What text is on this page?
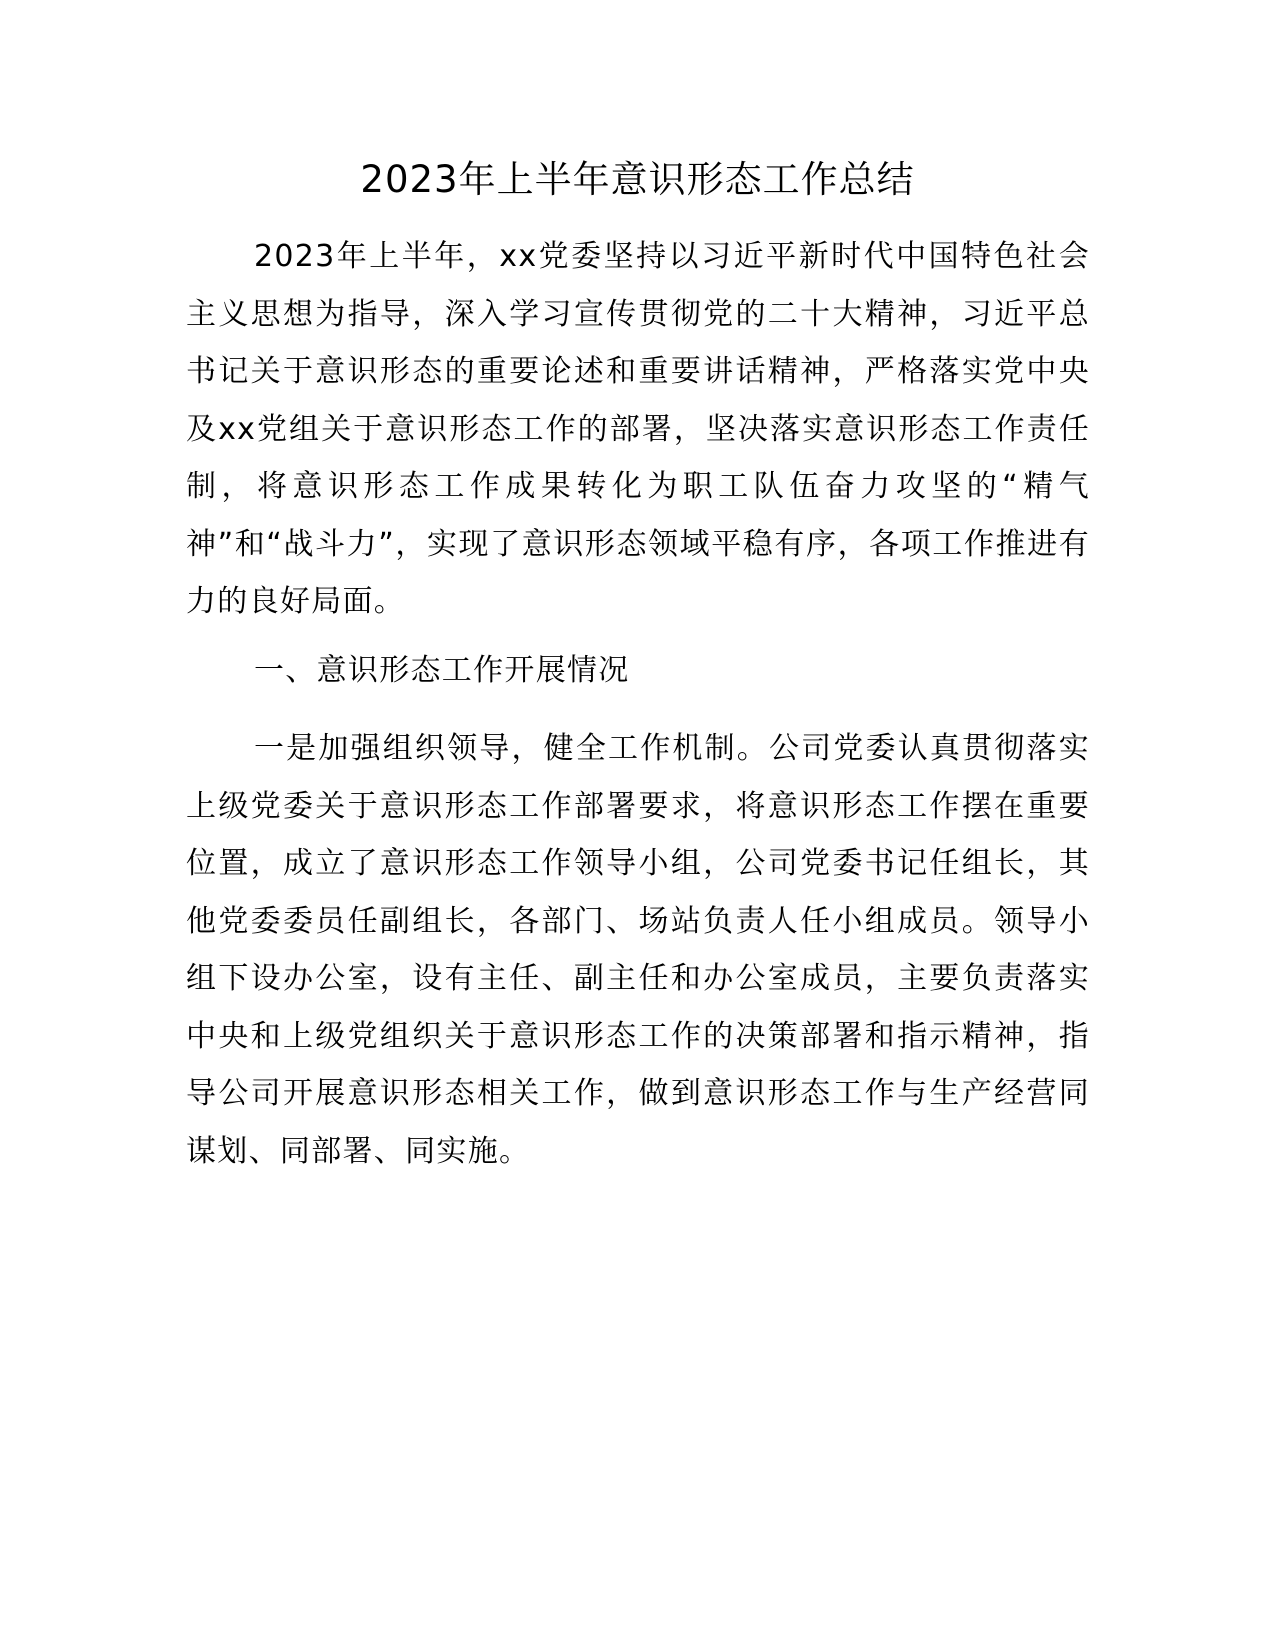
2023年上半年意识形态工作总结

2023年上半年，xx党委坚持以习近平新时代中国特色社会主义思想为指导，深入学习宣传贯彻党的二十大精神，习近平总书记关于意识形态的重要论述和重要讲话精神，严格落实党中央及xx党组关于意识形态工作的部署，坚决落实意识形态工作责任制，将意识形态工作成果转化为职工队伍奋力攻坚的“精气神”和“战斗力”，实现了意识形态领域平稳有序，各项工作推进有力的良好局面。

一、意识形态工作开展情况

一是加强组织领导，健全工作机制。公司党委认真贯彻落实上级党委关于意识形态工作部署要求，将意识形态工作摆在重要位置，成立了意识形态工作领导小组，公司党委书记任组长，其他党委委员任副组长，各部门、场站负责人任小组成员。领导小组下设办公室，设有主任、副主任和办公室成员，主要负责落实中央和上级党组织关于意识形态工作的决策部署和指示精神，指导公司开展意识形态相关工作，做到意识形态工作与生产经营同谋划、同部署、同实施。
